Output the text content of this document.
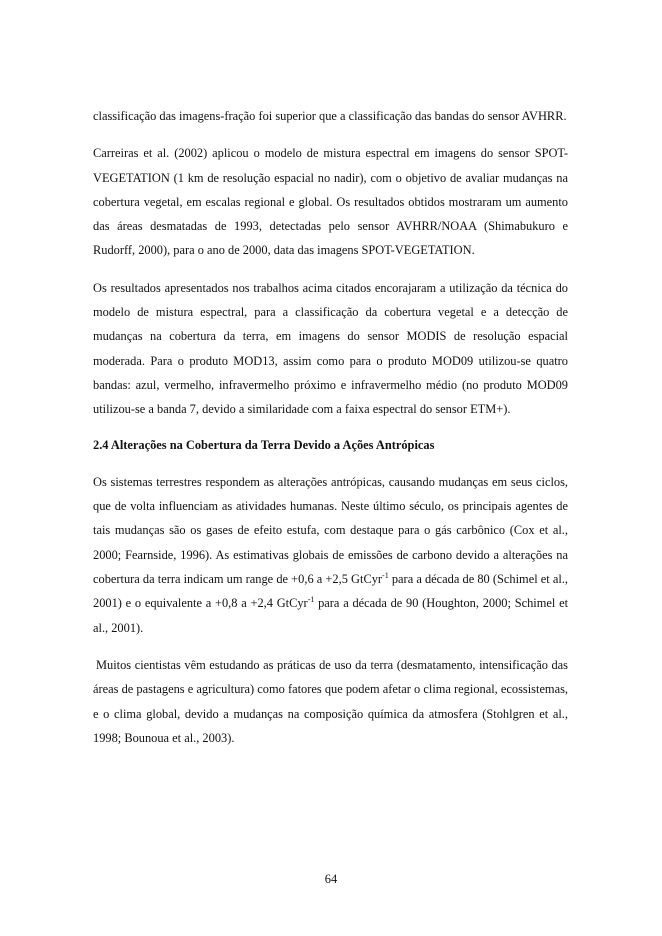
classificação das imagens-fração foi superior que a classificação das bandas do sensor AVHRR.

Carreiras et al. (2002) aplicou o modelo de mistura espectral em imagens do sensor SPOT-VEGETATION (1 km de resolução espacial no nadir), com o objetivo de avaliar mudanças na cobertura vegetal, em escalas regional e global. Os resultados obtidos mostraram um aumento das áreas desmatadas de 1993, detectadas pelo sensor AVHRR/NOAA (Shimabukuro e Rudorff, 2000), para o ano de 2000, data das imagens SPOT-VEGETATION.

Os resultados apresentados nos trabalhos acima citados encorajaram a utilização da técnica do modelo de mistura espectral, para a classificação da cobertura vegetal e a detecção de mudanças na cobertura da terra, em imagens do sensor MODIS de resolução espacial moderada. Para o produto MOD13, assim como para o produto MOD09 utilizou-se quatro bandas: azul, vermelho, infravermelho próximo e infravermelho médio (no produto MOD09 utilizou-se a banda 7, devido a similaridade com a faixa espectral do sensor ETM+).

2.4 Alterações na Cobertura da Terra Devido a Ações Antrópicas

Os sistemas terrestres respondem as alterações antrópicas, causando mudanças em seus ciclos, que de volta influenciam as atividades humanas. Neste último século, os principais agentes de tais mudanças são os gases de efeito estufa, com destaque para o gás carbônico (Cox et al., 2000; Fearnside, 1996). As estimativas globais de emissões de carbono devido a alterações na cobertura da terra indicam um range de +0,6 a +2,5 GtCyr$^{-1}$ para a década de 80 (Schimel et al., 2001) e o equivalente a +0,8 a +2,4 GtCyr$^{-1}$ para a década de 90 (Houghton, 2000; Schimel et al., 2001).

Muitos cientistas vêm estudando as práticas de uso da terra (desmatamento, intensificação das áreas de pastagens e agricultura) como fatores que podem afetar o clima regional, ecossistemas, e o clima global, devido a mudanças na composição química da atmosfera (Stohlgren et al., 1998; Bounoua et al., 2003).

64
